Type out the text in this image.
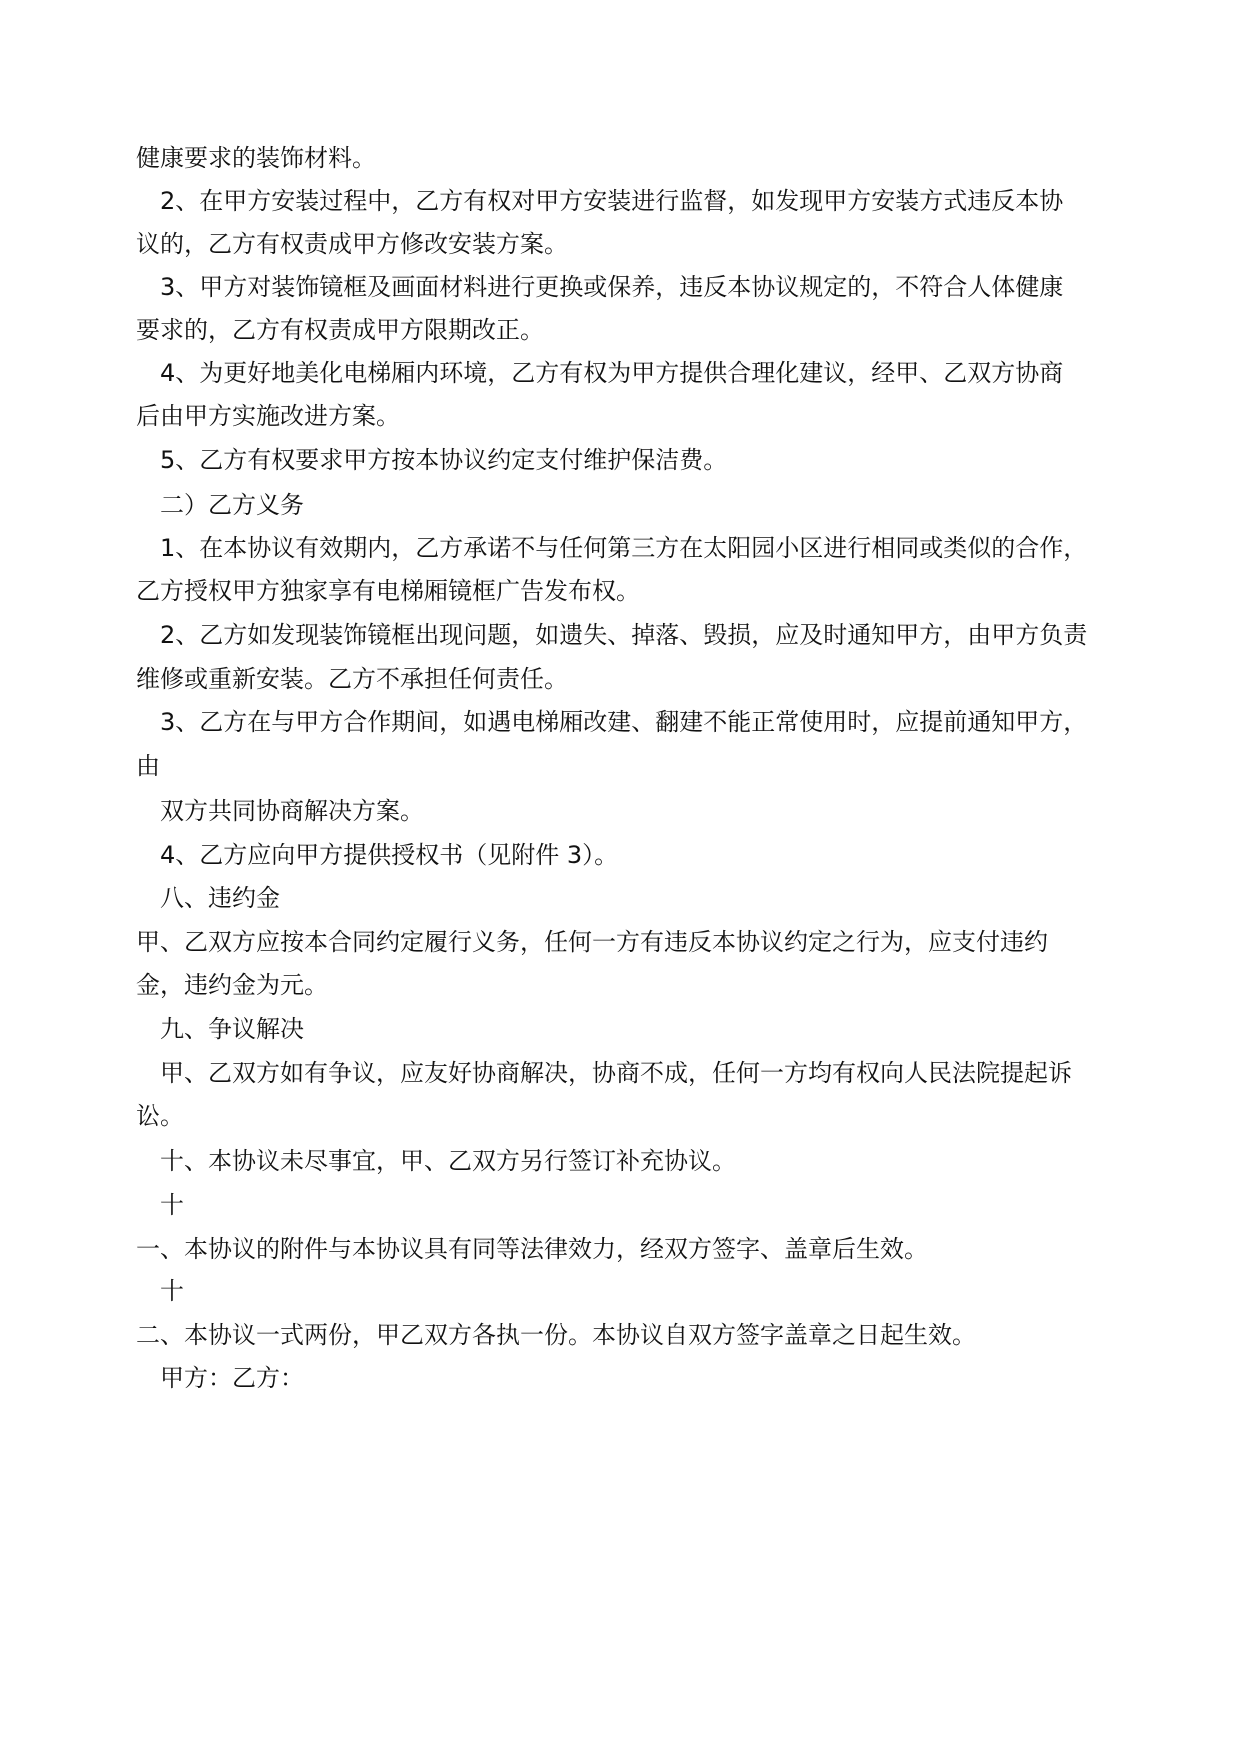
健康要求的装饰材料。
2、在甲方安装过程中，乙方有权对甲方安装进行监督，如发现甲方安装方式违反本协
议的，乙方有权责成甲方修改安装方案。
3、甲方对装饰镜框及画面材料进行更换或保养，违反本协议规定的，不符合人体健康
要求的，乙方有权责成甲方限期改正。
4、为更好地美化电梯厢内环境，乙方有权为甲方提供合理化建议，经甲、乙双方协商
后由甲方实施改进方案。
5、乙方有权要求甲方按本协议约定支付维护保洁费。
二）乙方义务
1、在本协议有效期内，乙方承诺不与任何第三方在太阳园小区进行相同或类似的合作，
乙方授权甲方独家享有电梯厢镜框广告发布权。
2、乙方如发现装饰镜框出现问题，如遗失、掉落、毁损，应及时通知甲方，由甲方负责
维修或重新安装。乙方不承担任何责任。
3、乙方在与甲方合作期间，如遇电梯厢改建、翻建不能正常使用时，应提前通知甲方，
由
双方共同协商解决方案。
4、乙方应向甲方提供授权书（见附件 3）。
八、违约金
甲、乙双方应按本合同约定履行义务，任何一方有违反本协议约定之行为，应支付违约
金，违约金为元。
九、争议解决
甲、乙双方如有争议，应友好协商解决，协商不成，任何一方均有权向人民法院提起诉
讼。
十、本协议未尽事宜，甲、乙双方另行签订补充协议。
十
一、本协议的附件与本协议具有同等法律效力，经双方签字、盖章后生效。
十
二、本协议一式两份，甲乙双方各执一份。本协议自双方签字盖章之日起生效。
甲方：乙方：
